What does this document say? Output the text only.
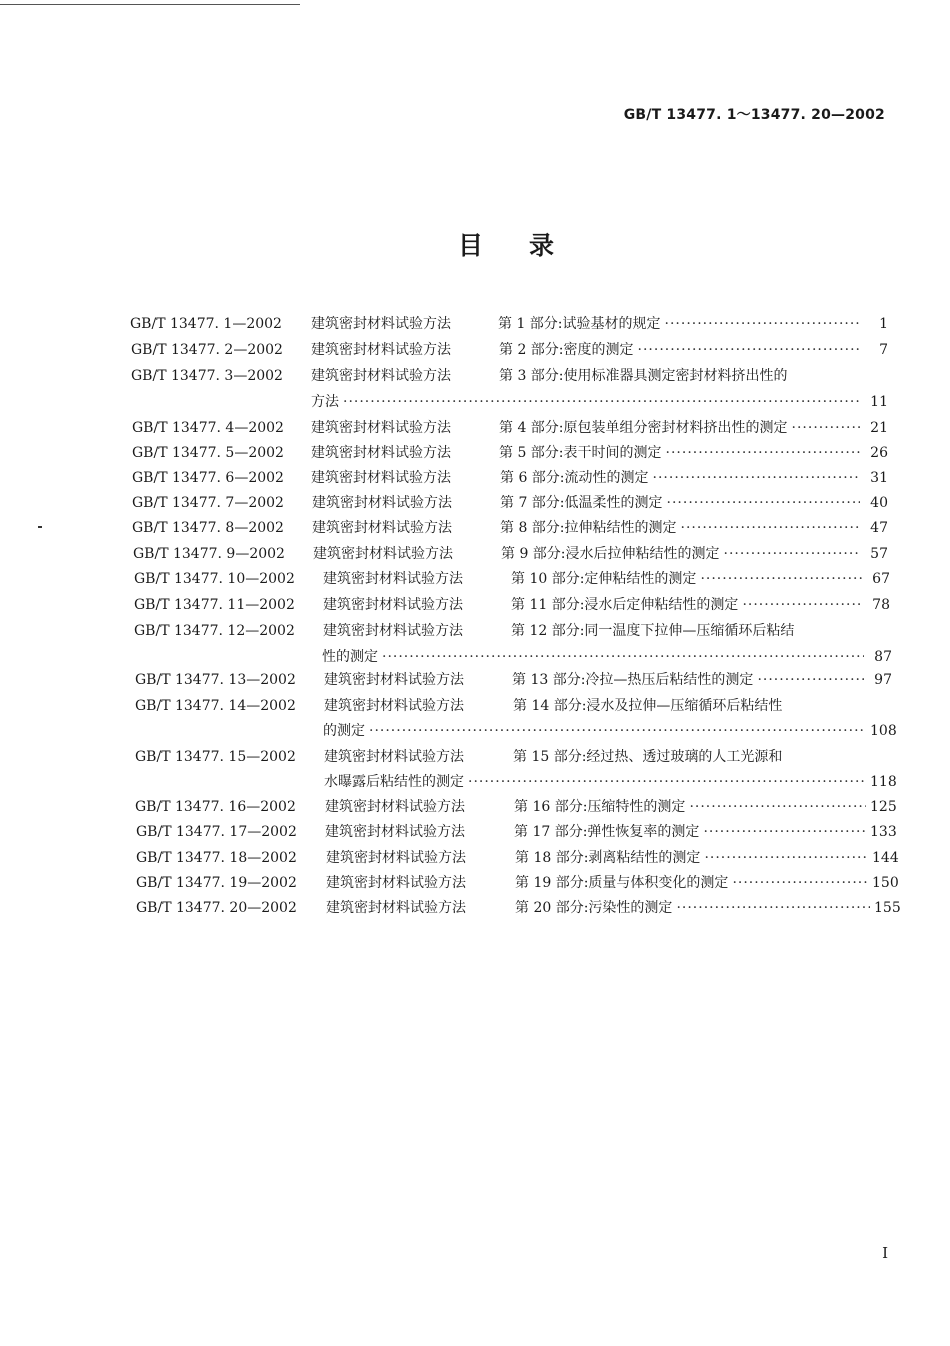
GB/T 13477. 1～13477. 20—2002
目 录
GB/T 13477. 1—2002 建筑密封材料试验方法	第 1 部分:试验基材的规定 ·····	1
GB/T 13477. 2—2002 建筑密封材料试验方法	第 2 部分:密度的测定 ·····	7
GB/T 13477. 3—2002 建筑密封材料试验方法	第 3 部分:使用标准器具测定密封材料挤出性的
方法 ·····	11
GB/T 13477. 4—2002 建筑密封材料试验方法	第 4 部分:原包装单组分密封材料挤出性的测定 ·····	21
GB/T 13477. 5—2002 建筑密封材料试验方法	第 5 部分:表干时间的测定 ·····	26
GB/T 13477. 6—2002 建筑密封材料试验方法	第 6 部分:流动性的测定 ·····	31
GB/T 13477. 7—2002 建筑密封材料试验方法	第 7 部分:低温柔性的测定 ·····	40
GB/T 13477. 8—2002 建筑密封材料试验方法	第 8 部分:拉伸粘结性的测定 ·····	47
GB/T 13477. 9—2002 建筑密封材料试验方法	第 9 部分:浸水后拉伸粘结性的测定 ·····	57
GB/T 13477. 10—2002 建筑密封材料试验方法	第 10 部分:定伸粘结性的测定 ·····	67
GB/T 13477. 11—2002 建筑密封材料试验方法	第 11 部分:浸水后定伸粘结性的测定 ·····	78
GB/T 13477. 12—2002 建筑密封材料试验方法	第 12 部分:同一温度下拉伸—压缩循环后粘结
性的测定 ·····	87
GB/T 13477. 13—2002 建筑密封材料试验方法	第 13 部分:冷拉—热压后粘结性的测定 ·····	97
GB/T 13477. 14—2002 建筑密封材料试验方法	第 14 部分:浸水及拉伸—压缩循环后粘结性
的测定 ·····	108
GB/T 13477. 15—2002 建筑密封材料试验方法	第 15 部分:经过热、透过玻璃的人工光源和
水曝露后粘结性的测定 ·····	118
GB/T 13477. 16—2002 建筑密封材料试验方法	第 16 部分:压缩特性的测定 ·····	125
GB/T 13477. 17—2002 建筑密封材料试验方法	第 17 部分:弹性恢复率的测定 ·····	133
GB/T 13477. 18—2002 建筑密封材料试验方法	第 18 部分:剥离粘结性的测定 ·····	144
GB/T 13477. 19—2002 建筑密封材料试验方法	第 19 部分:质量与体积变化的测定 ·····	150
GB/T 13477. 20—2002 建筑密封材料试验方法	第 20 部分:污染性的测定 ·····	155
I
